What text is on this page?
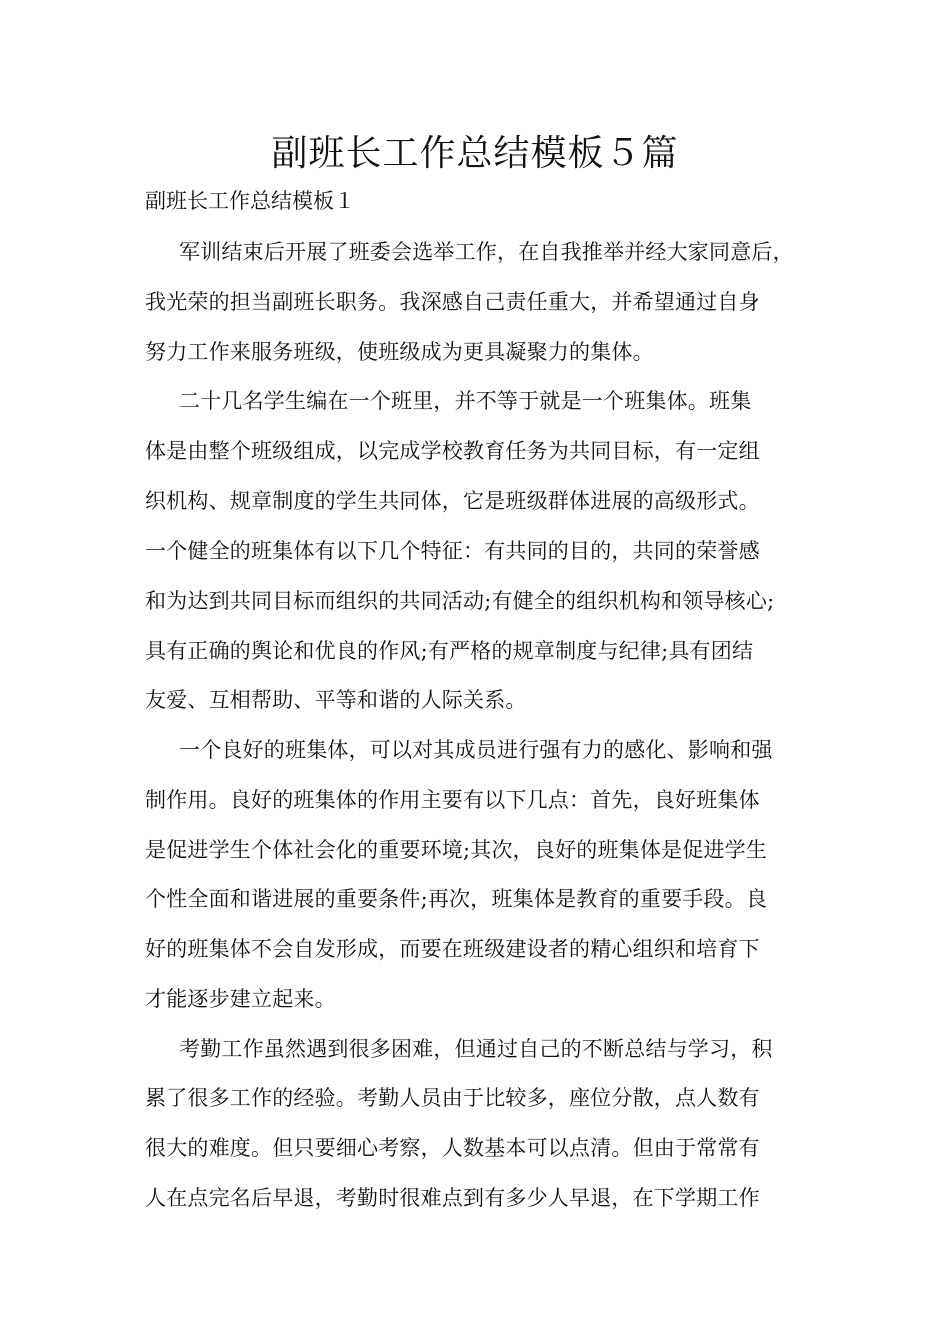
副班长工作总结模板５篇
副班长工作总结模板１
军训结束后开展了班委会选举工作，在自我推举并经大家同意后，
我光荣的担当副班长职务。我深感自己责任重大，并希望通过自身
努力工作来服务班级，使班级成为更具凝聚力的集体。
二十几名学生编在一个班里，并不等于就是一个班集体。班集
体是由整个班级组成，以完成学校教育任务为共同目标，有一定组
织机构、规章制度的学生共同体，它是班级群体进展的高级形式。
一个健全的班集体有以下几个特征：有共同的目的，共同的荣誉感
和为达到共同目标而组织的共同活动;有健全的组织机构和领导核心;
具有正确的舆论和优良的作风;有严格的规章制度与纪律;具有团结
友爱、互相帮助、平等和谐的人际关系。
一个良好的班集体，可以对其成员进行强有力的感化、影响和强
制作用。良好的班集体的作用主要有以下几点：首先，良好班集体
是促进学生个体社会化的重要环境;其次，良好的班集体是促进学生
个性全面和谐进展的重要条件;再次，班集体是教育的重要手段。良
好的班集体不会自发形成，而要在班级建设者的精心组织和培育下
才能逐步建立起来。
考勤工作虽然遇到很多困难，但通过自己的不断总结与学习，积
累了很多工作的经验。考勤人员由于比较多，座位分散，点人数有
很大的难度。但只要细心考察，人数基本可以点清。但由于常常有
人在点完名后早退，考勤时很难点到有多少人早退，在下学期工作
